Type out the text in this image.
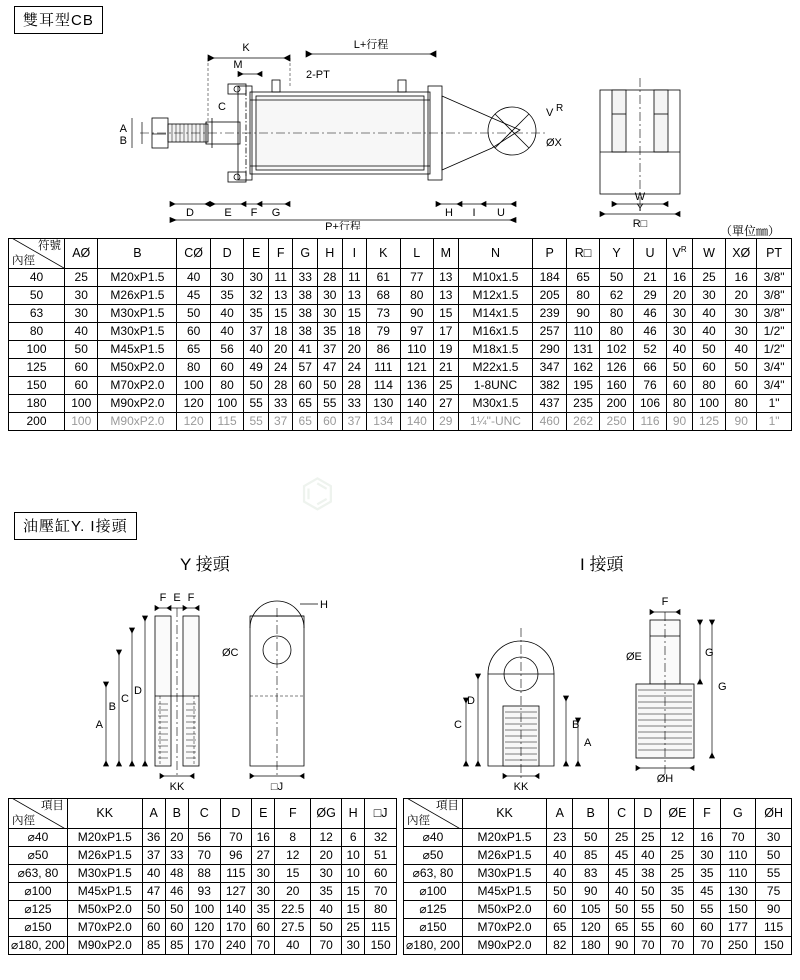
雙耳型CB
K	L+行程
M
2-PT
A
B
C
D	E F G	H I U
P+行程
V R
ØX
W
Y
R□	（單位㎜）
符號
內徑	AØ	B	CØ	D	E	F	G	H	I	K	L	M	N	P	R□	Y	U	$V^R$	W	XØ	PT
40	25	M20xP1.5	40	30	30	11	33	28	11	61	77	13	M10x1.5	184	65	50	21	16	25	16	3/8"
50	30	M26xP1.5	45	35	32	13	38	30	13	68	80	13	M12x1.5	205	80	62	29	20	30	20	3/8"
63	30	M30xP1.5	50	40	35	15	38	30	15	73	90	15	M14x1.5	239	90	80	46	30	40	30	3/8"
80	40	M30xP1.5	60	40	37	18	38	35	18	79	97	17	M16x1.5	257	110	80	46	30	40	30	1/2"
100	50	M45xP1.5	65	56	40	20	41	37	20	86	110	19	M18x1.5	290	131	102	52	40	50	40	1/2"
125	60	M50xP2.0	80	60	49	24	57	47	24	111	121	21	M22x1.5	347	162	126	66	50	60	50	3/4"
150	60	M70xP2.0	100	80	50	28	60	50	28	114	136	25	1-8UNC	382	195	160	76	60	80	60	3/4"
180	100	M90xP2.0	120	100	55	33	65	55	33	130	140	27	M30x1.5	437	235	200	106	80	100	80	1"
200	100	M90xP2.0	120	115	55	37	65	60	37	134	140	29	1¼"-UNC	460	262	250	116	90	125	90	1"
油壓缸Y. I接頭
Y 接頭	I 接頭
F E F
D
C
B
A
KK
H
ØC
□J
D
C	B
A
KK
F
ØE	G
G
ØH
項目
內徑	KK	A	B	C	D	E	F	ØG	H	□J
⌀40	M20xP1.5	36	20	56	70	16	8	12	6	32
⌀50	M26xP1.5	37	33	70	96	27	12	20	10	51
⌀63, 80	M30xP1.5	40	48	88	115	30	15	30	10	60
⌀100	M45xP1.5	47	46	93	127	30	20	35	15	70
⌀125	M50xP2.0	50	50	100	140	35	22.5	40	15	80
⌀150	M70xP2.0	60	60	120	170	60	27.5	50	25	115
⌀180, 200	M90xP2.0	85	85	170	240	70	40	70	30	150
項目
內徑	KK	A	B	C	D	ØE	F	G	ØH
⌀40	M20xP1.5	23	50	25	25	12	16	70	30
⌀50	M26xP1.5	40	85	45	40	25	30	110	50
⌀63, 80	M30xP1.5	40	83	45	38	25	35	110	55
⌀100	M45xP1.5	50	90	40	50	35	45	130	75
⌀125	M50xP2.0	60	105	50	55	50	55	150	90
⌀150	M70xP2.0	65	120	65	55	60	60	177	115
⌀180, 200	M90xP2.0	82	180	90	70	70	70	250	150
⌬
